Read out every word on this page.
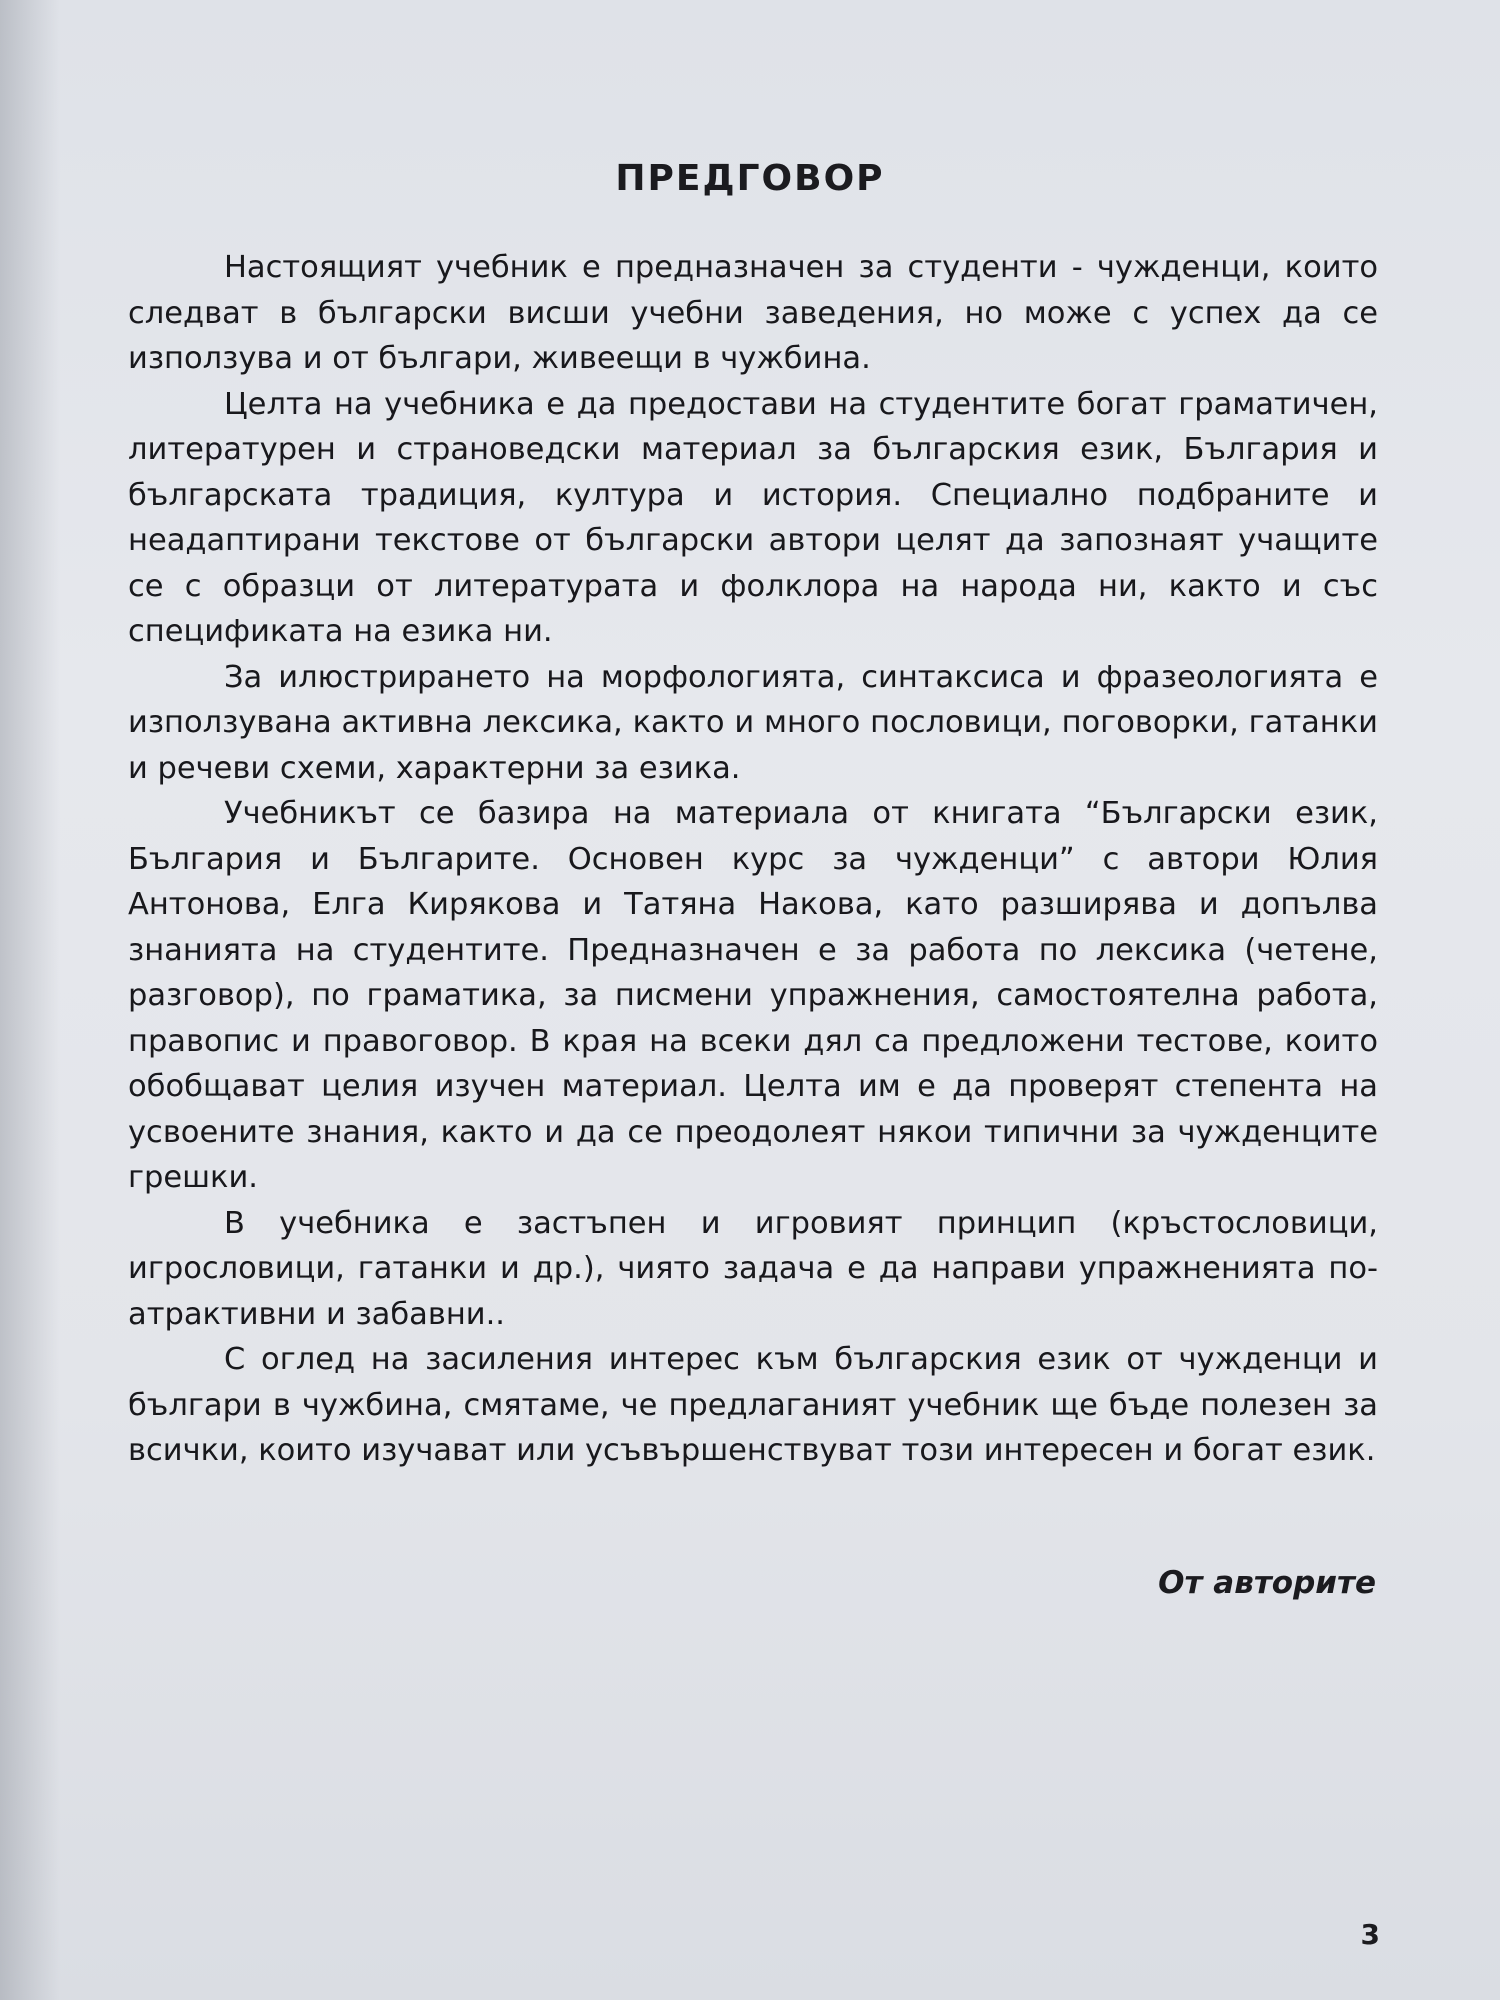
ПРЕДГОВОР

Настоящият учебник е предназначен за студенти - чужденци, които следват в български висши учебни заведения, но може с успех да се използува и от българи, живеещи в чужбина.

Целта на учебника е да предостави на студентите богат граматичен, литературен и страноведски материал за българския език, България и българската традиция, култура и история. Специално подбраните и неадаптирани текстове от български автори целят да запознаят учащите се с образци от литературата и фолклора на народа ни, както и със спецификата на езика ни.

За илюстрирането на морфологията, синтаксиса и фразеологията е използувана активна лексика, както и много пословици, поговорки, гатанки и речеви схеми, характерни за езика.

Учебникът се базира на материала от книгата “Български език, България и Българите. Основен курс за чужденци” с автори Юлия Антонова, Елга Кирякова и Татяна Накова, като разширява и допълва знанията на студентите. Предназначен е за работа по лексика (четене, разговор), по граматика, за писмени упражнения, самостоятелна работа, правопис и правоговор. В края на всеки дял са предложени тестове, които обобщават целия изучен материал. Целта им е да проверят степента на усвоените знания, както и да се преодолеят някои типични за чужденците грешки.

В учебника е застъпен и игровият принцип (кръстословици, игрословици, гатанки и др.), чиято задача е да направи упражненията по-атрактивни и забавни..

С оглед на засиления интерес към българския език от чужденци и българи в чужбина, смятаме, че предлаганият учебник ще бъде полезен за всички, които изучават или усъвършенствуват този интересен и богат език.

От авторите
3
